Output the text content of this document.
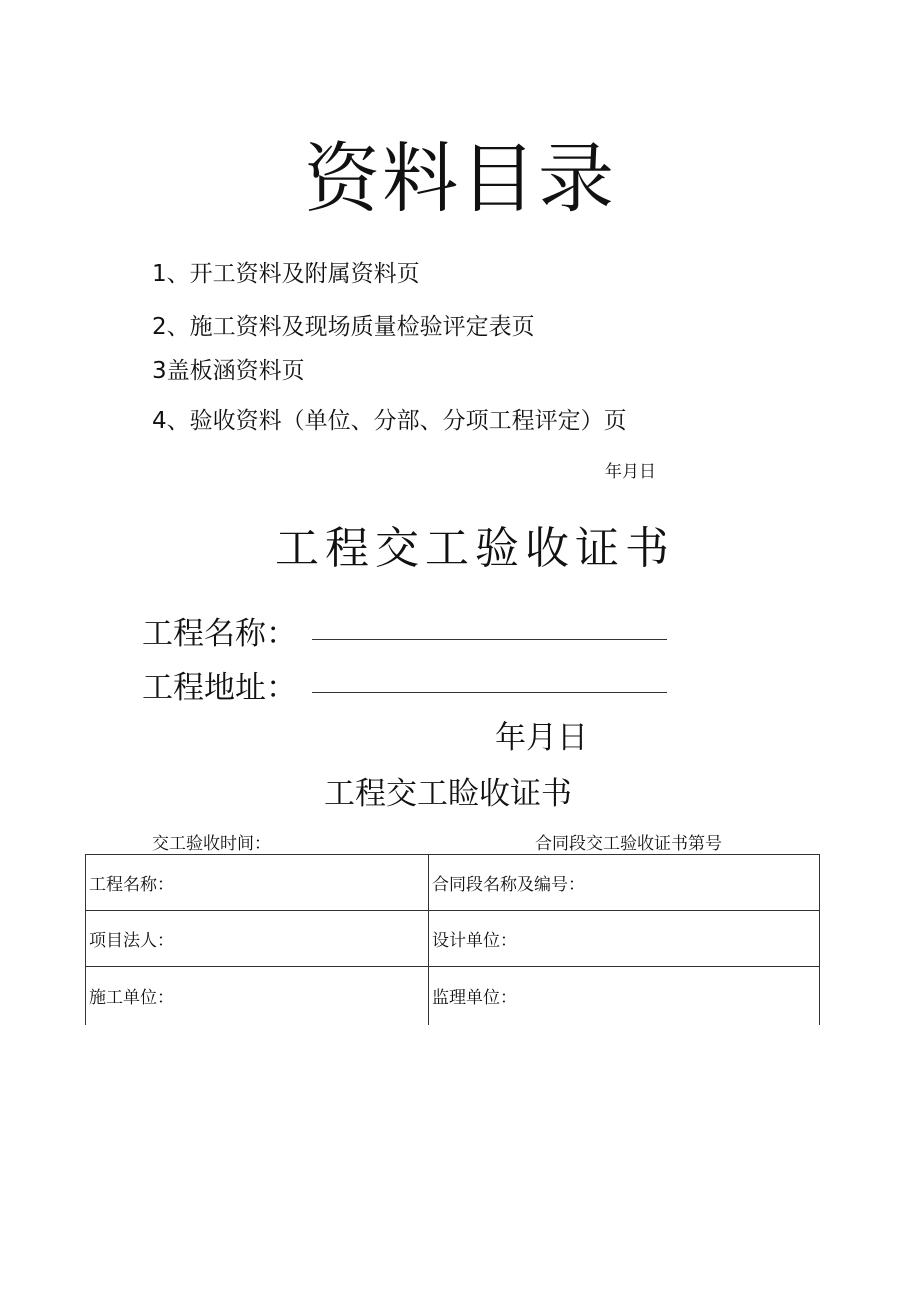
资料目录
1、开工资料及附属资料页
2、施工资料及现场质量检验评定表页
3盖板涵资料页
4、验收资料（单位、分部、分项工程评定）页
年月日
工程交工验收证书
工程名称：
工程地址：
年月日
工程交工睑收证书
交工验收时间：	合同段交工验收证书第号
工程名称：	合同段名称及编号：
项目法人：	设计单位：
施工单位：	监理单位：
